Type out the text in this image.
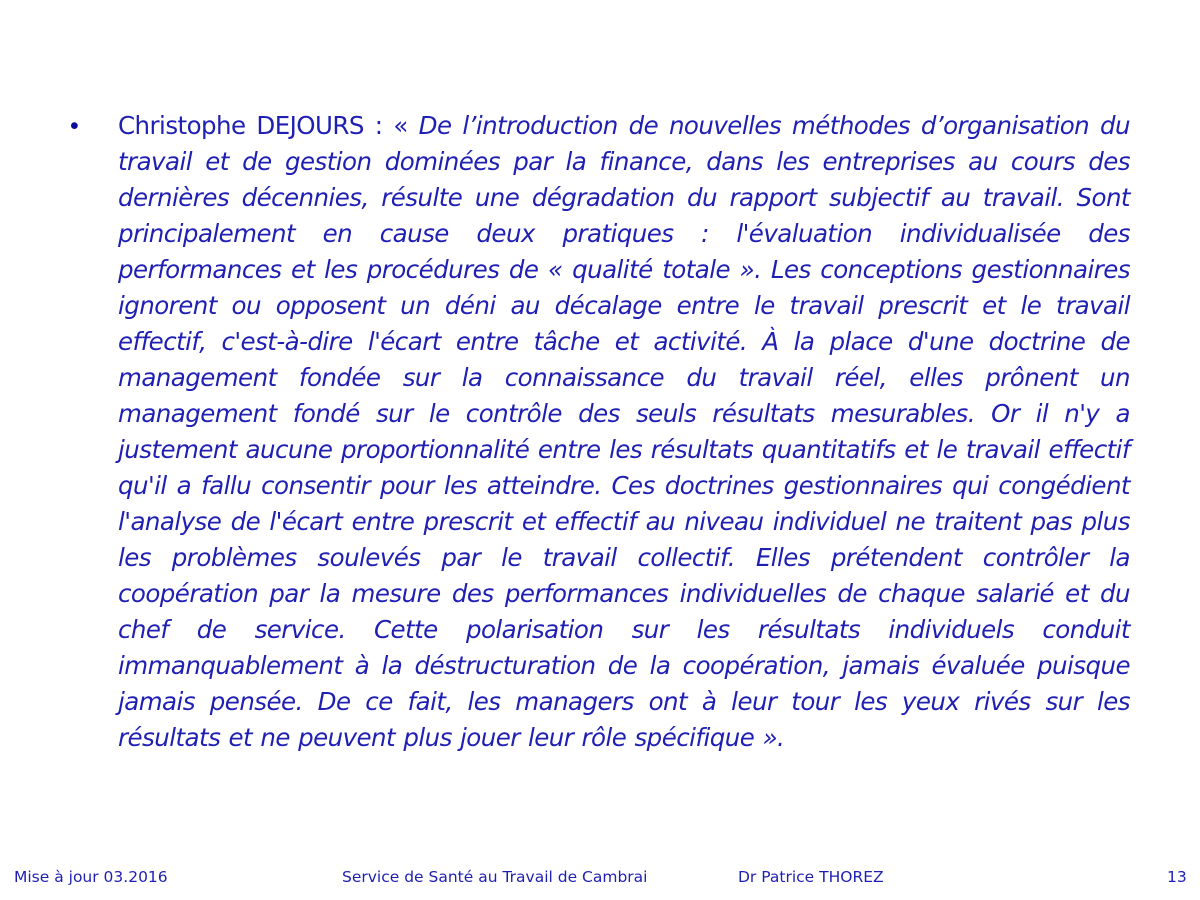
• Christophe DEJOURS : « De l’introduction de nouvelles méthodes d’organisation du travail et de gestion dominées par la finance, dans les entreprises au cours des dernières décennies, résulte une dégradation du rapport subjectif au travail. Sont principalement en cause deux pratiques : l'évaluation individualisée des performances et les procédures de « qualité totale ». Les conceptions gestionnaires ignorent ou opposent un déni au décalage entre le travail prescrit et le travail effectif, c'est-à-dire l'écart entre tâche et activité. À la place d'une doctrine de management fondée sur la connaissance du travail réel, elles prônent un management fondé sur le contrôle des seuls résultats mesurables. Or il n'y a justement aucune proportionnalité entre les résultats quantitatifs et le travail effectif qu'il a fallu consentir pour les atteindre. Ces doctrines gestionnaires qui congédient l'analyse de l'écart entre prescrit et effectif au niveau individuel ne traitent pas plus les problèmes soulevés par le travail collectif. Elles prétendent contrôler la coopération par la mesure des performances individuelles de chaque salarié et du chef de service. Cette polarisation sur les résultats individuels conduit immanquablement à la déstructuration de la coopération, jamais évaluée puisque jamais pensée. De ce fait, les managers ont à leur tour les yeux rivés sur les résultats et ne peuvent plus jouer leur rôle spécifique ».

Mise à jour 03.2016	Service de Santé au Travail de Cambrai	Dr Patrice THOREZ	13
